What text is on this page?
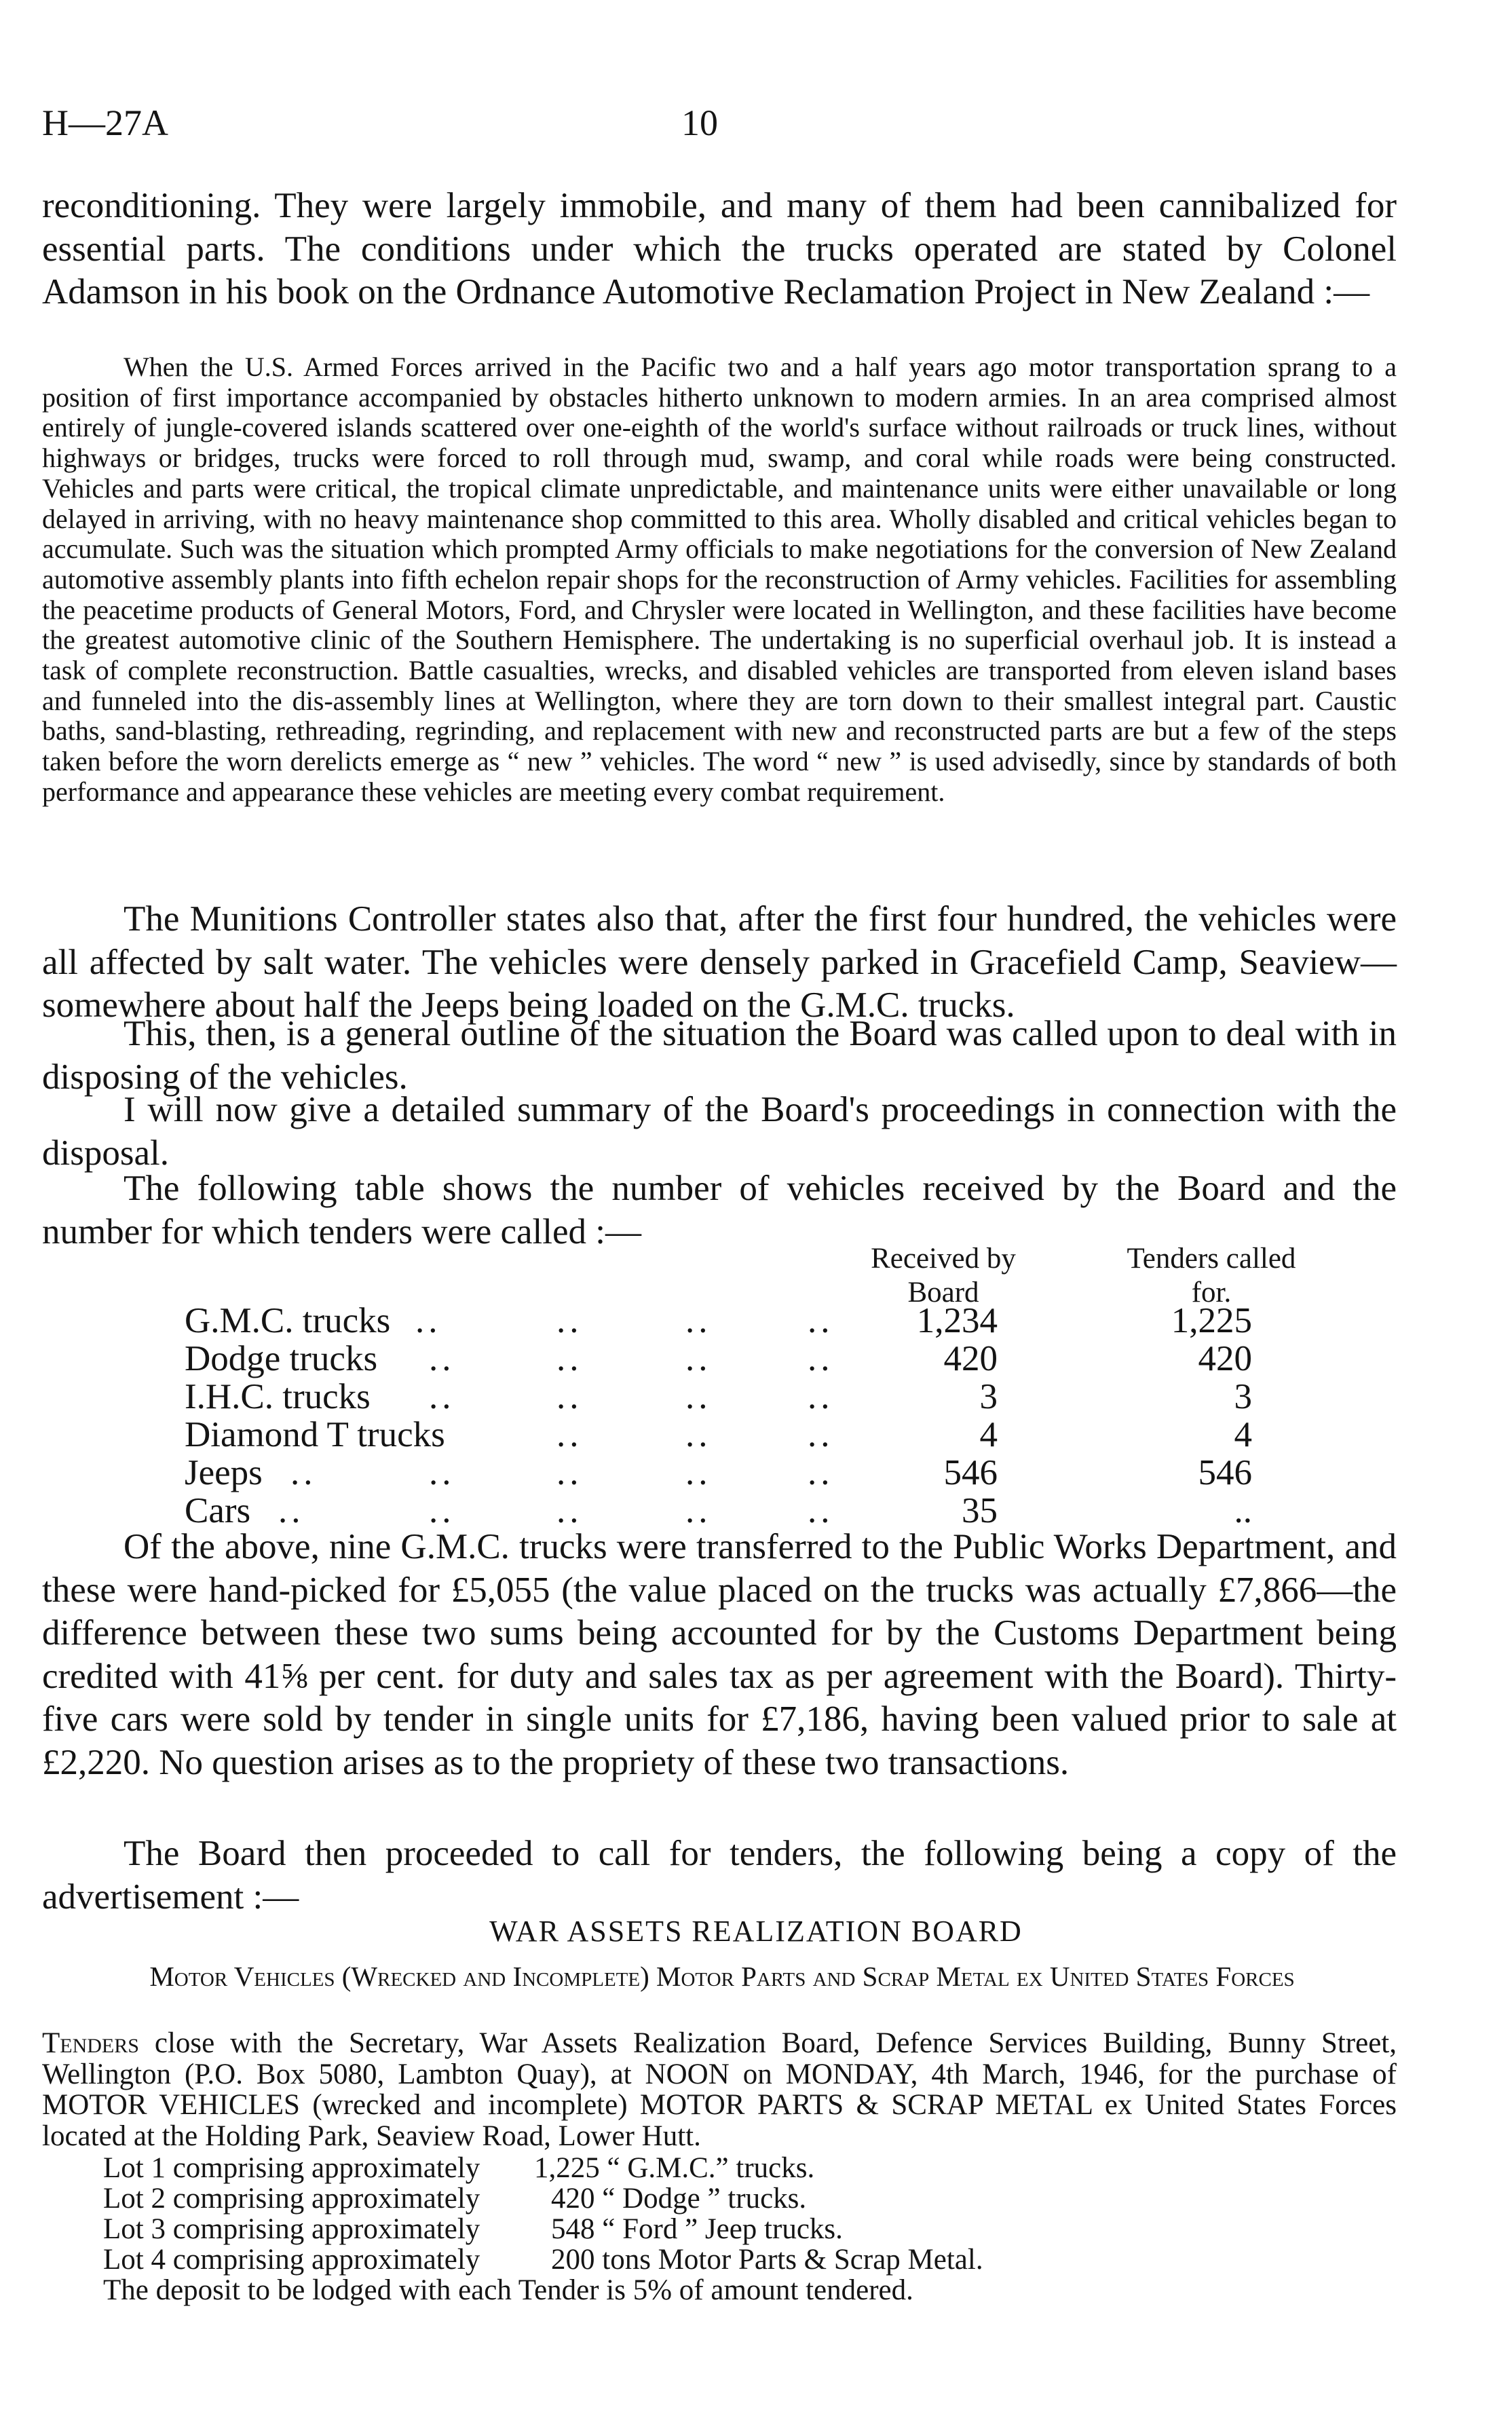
H—27A	10

reconditioning. They were largely immobile, and many of them had been cannibalized for essential parts. The conditions under which the trucks operated are stated by Colonel Adamson in his book on the Ordnance Automotive Reclamation Project in New Zealand :—

When the U.S. Armed Forces arrived in the Pacific two and a half years ago motor transportation sprang to a position of first importance accompanied by obstacles hitherto unknown to modern armies. In an area comprised almost entirely of jungle-covered islands scattered over one-eighth of the world's surface without railroads or truck lines, without highways or bridges, trucks were forced to roll through mud, swamp, and coral while roads were being constructed. Vehicles and parts were critical, the tropical climate unpredictable, and maintenance units were either unavailable or long delayed in arriving, with no heavy maintenance shop committed to this area. Wholly disabled and critical vehicles began to accumulate. Such was the situation which prompted Army officials to make negotiations for the conversion of New Zealand automotive assembly plants into fifth echelon repair shops for the reconstruction of Army vehicles. Facilities for assembling the peacetime products of General Motors, Ford, and Chrysler were located in Wellington, and these facilities have become the greatest automotive clinic of the Southern Hemisphere. The undertaking is no superficial overhaul job. It is instead a task of complete reconstruction. Battle casualties, wrecks, and disabled vehicles are transported from eleven island bases and funneled into the dis-assembly lines at Wellington, where they are torn down to their smallest integral part. Caustic baths, sand-blasting, rethreading, regrinding, and replacement with new and reconstructed parts are but a few of the steps taken before the worn derelicts emerge as “ new ” vehicles. The word “ new ” is used advisedly, since by standards of both performance and appearance these vehicles are meeting every combat requirement.

The Munitions Controller states also that, after the first four hundred, the vehicles were all affected by salt water. The vehicles were densely parked in Gracefield Camp, Seaview—somewhere about half the Jeeps being loaded on the G.M.C. trucks.

This, then, is a general outline of the situation the Board was called upon to deal with in disposing of the vehicles.

I will now give a detailed summary of the Board's proceedings in connection with the disposal.

The following table shows the number of vehicles received by the Board and the number for which tenders were called :—

Received by
Board
Tenders called
for.
G.M.C. trucks ..	..	..	..	1,234	1,225
Dodge trucks ..	..	..	..	420	420
I.H.C. trucks ..	..	..	..	3	3
Diamond T trucks	..	..	..	4	4
Jeeps ..	..	..	..	..	546	546
Cars ..	..	..	..	..	35	..

Of the above, nine G.M.C. trucks were transferred to the Public Works Department, and these were hand-picked for £5,055 (the value placed on the trucks was actually £7,866—the difference between these two sums being accounted for by the Customs Department being credited with 41⅝ per cent. for duty and sales tax as per agreement with the Board). Thirty-five cars were sold by tender in single units for £7,186, having been valued prior to sale at £2,220. No question arises as to the propriety of these two transactions.

The Board then proceeded to call for tenders, the following being a copy of the advertisement :—

WAR ASSETS REALIZATION BOARD
Motor Vehicles (Wrecked and Incomplete) Motor Parts and Scrap Metal ex United States Forces

Tenders close with the Secretary, War Assets Realization Board, Defence Services Building, Bunny Street, Wellington (P.O. Box 5080, Lambton Quay), at NOON on MONDAY, 4th March, 1946, for the purchase of MOTOR VEHICLES (wrecked and incomplete) MOTOR PARTS & SCRAP METAL ex United States Forces located at the Holding Park, Seaview Road, Lower Hutt.

Lot 1 comprising approximately 1,225 “ G.M.C.” trucks.
Lot 2 comprising approximately 420 “ Dodge ” trucks.
Lot 3 comprising approximately 548 “ Ford ” Jeep trucks.
Lot 4 comprising approximately 200 tons Motor Parts & Scrap Metal.
The deposit to be lodged with each Tender is 5% of amount tendered.
